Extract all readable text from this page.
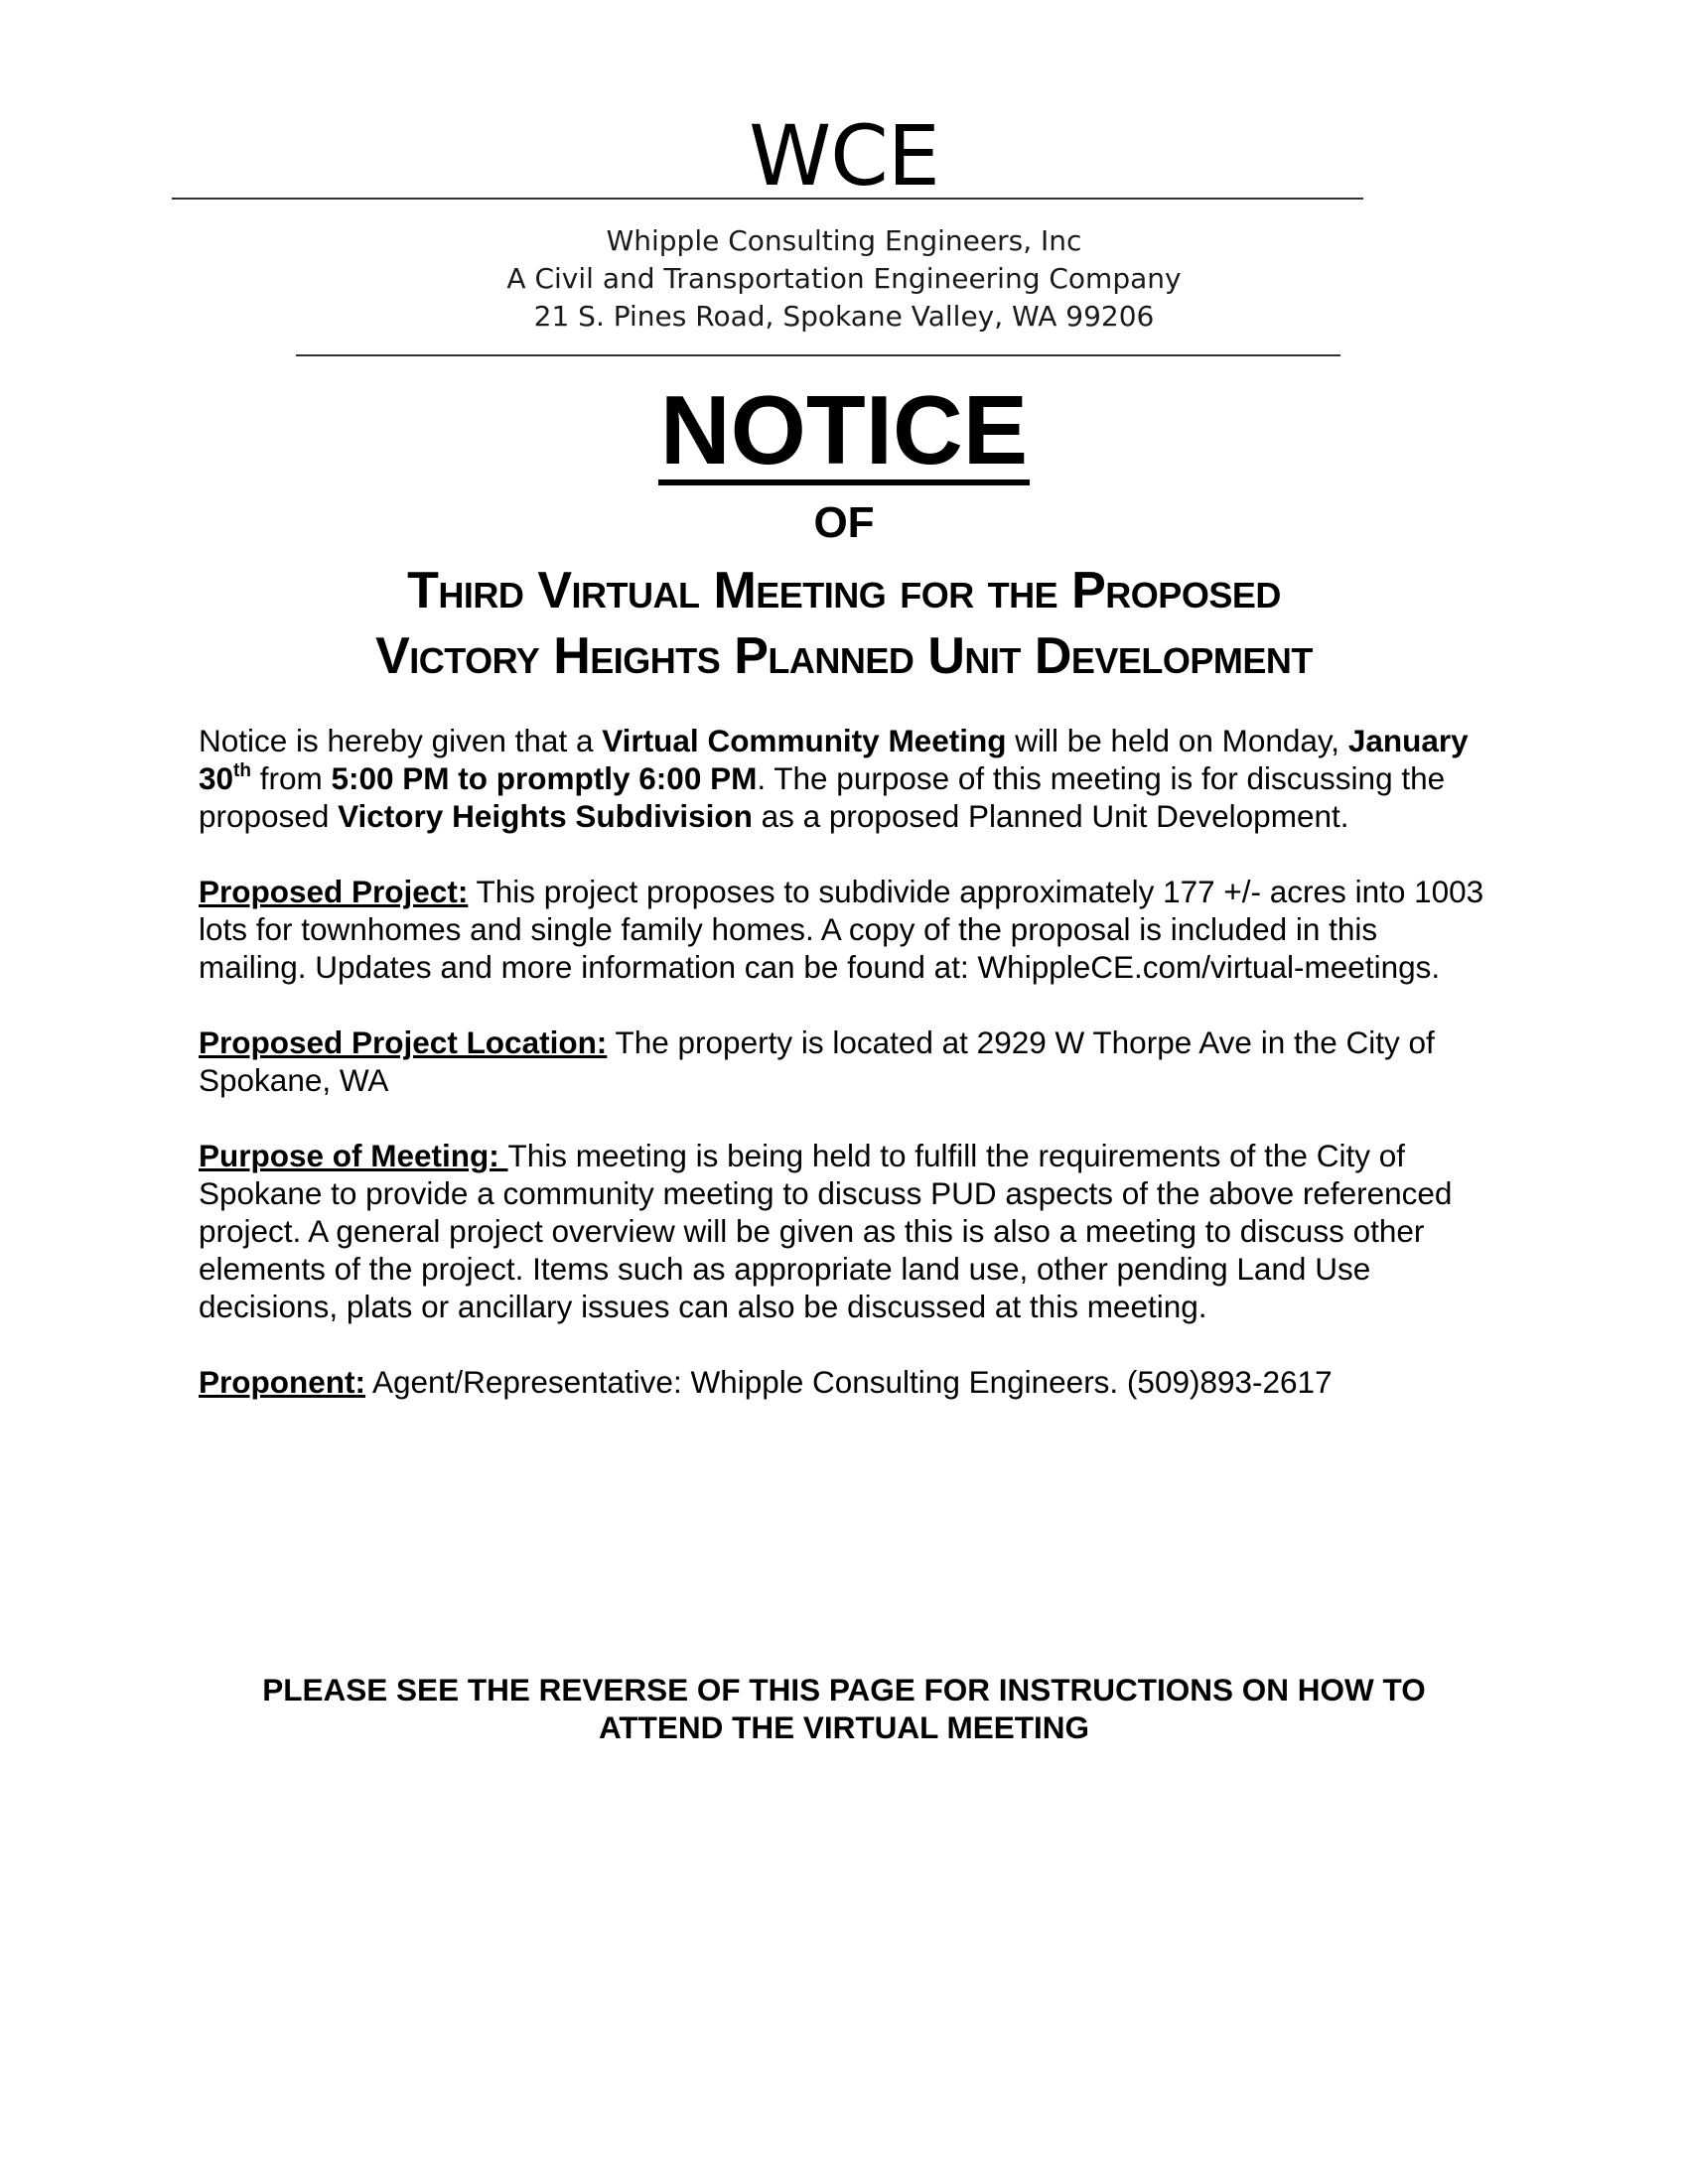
WCE
Whipple Consulting Engineers, Inc
A Civil and Transportation Engineering Company
21 S. Pines Road, Spokane Valley, WA 99206
NOTICE
OF
Third Virtual Meeting for the Proposed
Victory Heights Planned Unit Development

Notice is hereby given that a Virtual Community Meeting will be held on Monday, January 30th from 5:00 PM to promptly 6:00 PM. The purpose of this meeting is for discussing the proposed Victory Heights Subdivision as a proposed Planned Unit Development.

Proposed Project: This project proposes to subdivide approximately 177 +/- acres into 1003 lots for townhomes and single family homes. A copy of the proposal is included in this mailing. Updates and more information can be found at: WhippleCE.com/virtual-meetings.

Proposed Project Location: The property is located at 2929 W Thorpe Ave in the City of Spokane, WA

Purpose of Meeting: This meeting is being held to fulfill the requirements of the City of Spokane to provide a community meeting to discuss PUD aspects of the above referenced project. A general project overview will be given as this is also a meeting to discuss other elements of the project. Items such as appropriate land use, other pending Land Use decisions, plats or ancillary issues can also be discussed at this meeting.

Proponent: Agent/Representative: Whipple Consulting Engineers. (509)893-2617

PLEASE SEE THE REVERSE OF THIS PAGE FOR INSTRUCTIONS ON HOW TO
ATTEND THE VIRTUAL MEETING
